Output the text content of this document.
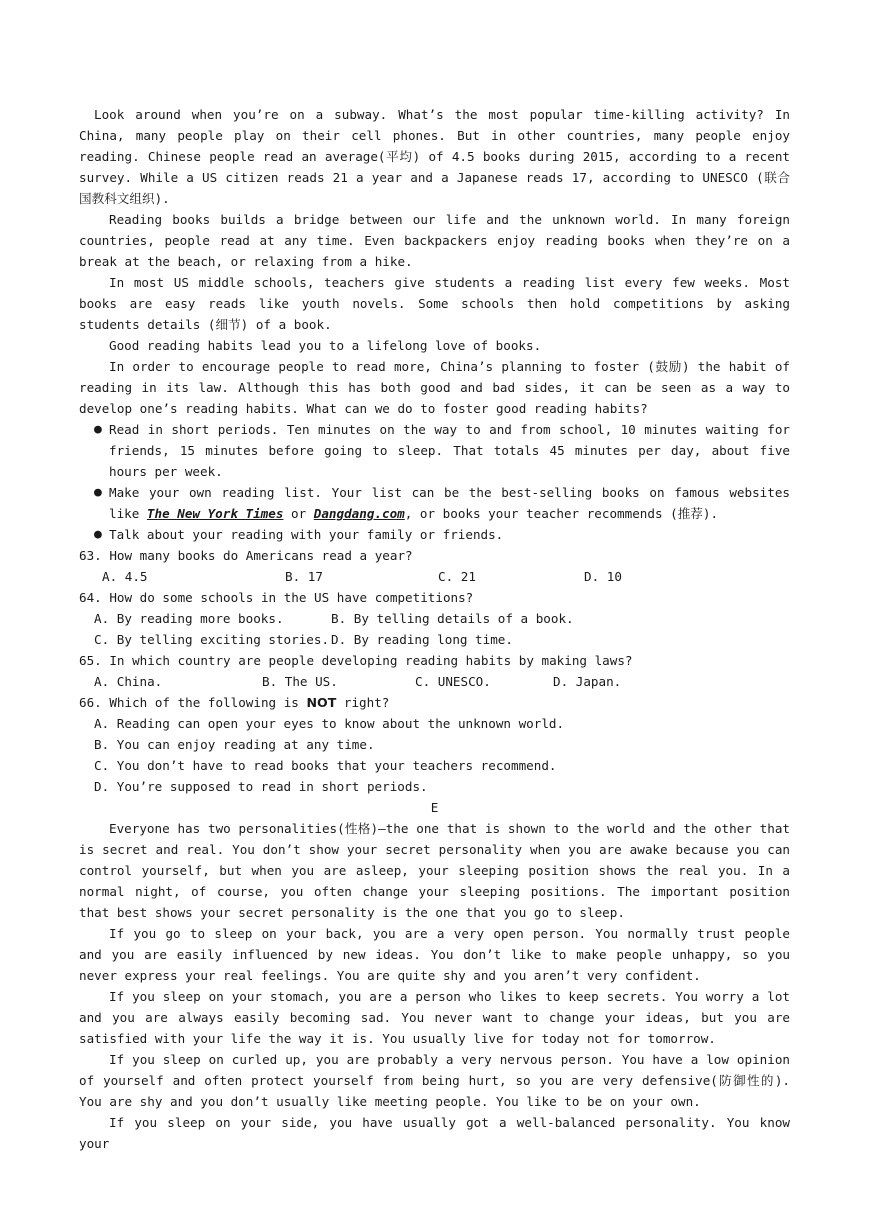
Look around when you’re on a subway. What’s the most popular time-killing activity? In China, many people play on their cell phones. But in other countries, many people enjoy reading. Chinese people read an average(平均) of 4.5 books during 2015, according to a recent survey. While a US citizen reads 21 a year and a Japanese reads 17, according to UNESCO (联合国教科文组织).

Reading books builds a bridge between our life and the unknown world. In many foreign countries, people read at any time. Even backpackers enjoy reading books when they’re on a break at the beach, or relaxing from a hike.

In most US middle schools, teachers give students a reading list every few weeks. Most books are easy reads like youth novels. Some schools then hold competitions by asking students details (细节) of a book.

Good reading habits lead you to a lifelong love of books.

In order to encourage people to read more, China’s planning to foster (鼓励) the habit of reading in its law. Although this has both good and bad sides, it can be seen as a way to develop one’s reading habits. What can we do to foster good reading habits?

● Read in short periods. Ten minutes on the way to and from school, 10 minutes waiting for friends, 15 minutes before going to sleep. That totals 45 minutes per day, about five hours per week.

● Make your own reading list. Your list can be the best-selling books on famous websites like The New York Times or Dangdang.com, or books your teacher recommends (推荐).

● Talk about your reading with your family or friends.

63. How many books do Americans read a year?

A. 4.5	B. 17	C. 21	D. 10

64. How do some schools in the US have competitions?

A. By reading more books.	B. By telling details of a book.
C. By telling exciting stories. D. By reading long time.

65. In which country are people developing reading habits by making laws?

A. China.	B. The US.	C. UNESCO.	D. Japan.

66. Which of the following is NOT right?

A. Reading can open your eyes to know about the unknown world.

B. You can enjoy reading at any time.

C. You don’t have to read books that your teachers recommend.

D. You’re supposed to read in short periods.

E

Everyone has two personalities(性格)—the one that is shown to the world and the other that is secret and real. You don’t show your secret personality when you are awake because you can control yourself, but when you are asleep, your sleeping position shows the real you. In a normal night, of course, you often change your sleeping positions. The important position that best shows your secret personality is the one that you go to sleep.

If you go to sleep on your back, you are a very open person. You normally trust people and you are easily influenced by new ideas. You don’t like to make people unhappy, so you never express your real feelings. You are quite shy and you aren’t very confident.

If you sleep on your stomach, you are a person who likes to keep secrets. You worry a lot and you are always easily becoming sad. You never want to change your ideas, but you are satisfied with your life the way it is. You usually live for today not for tomorrow.

If you sleep on curled up, you are probably a very nervous person. You have a low opinion of yourself and often protect yourself from being hurt, so you are very defensive(防御性的). You are shy and you don’t usually like meeting people. You like to be on your own.

If you sleep on your side, you have usually got a well-balanced personality. You know your
